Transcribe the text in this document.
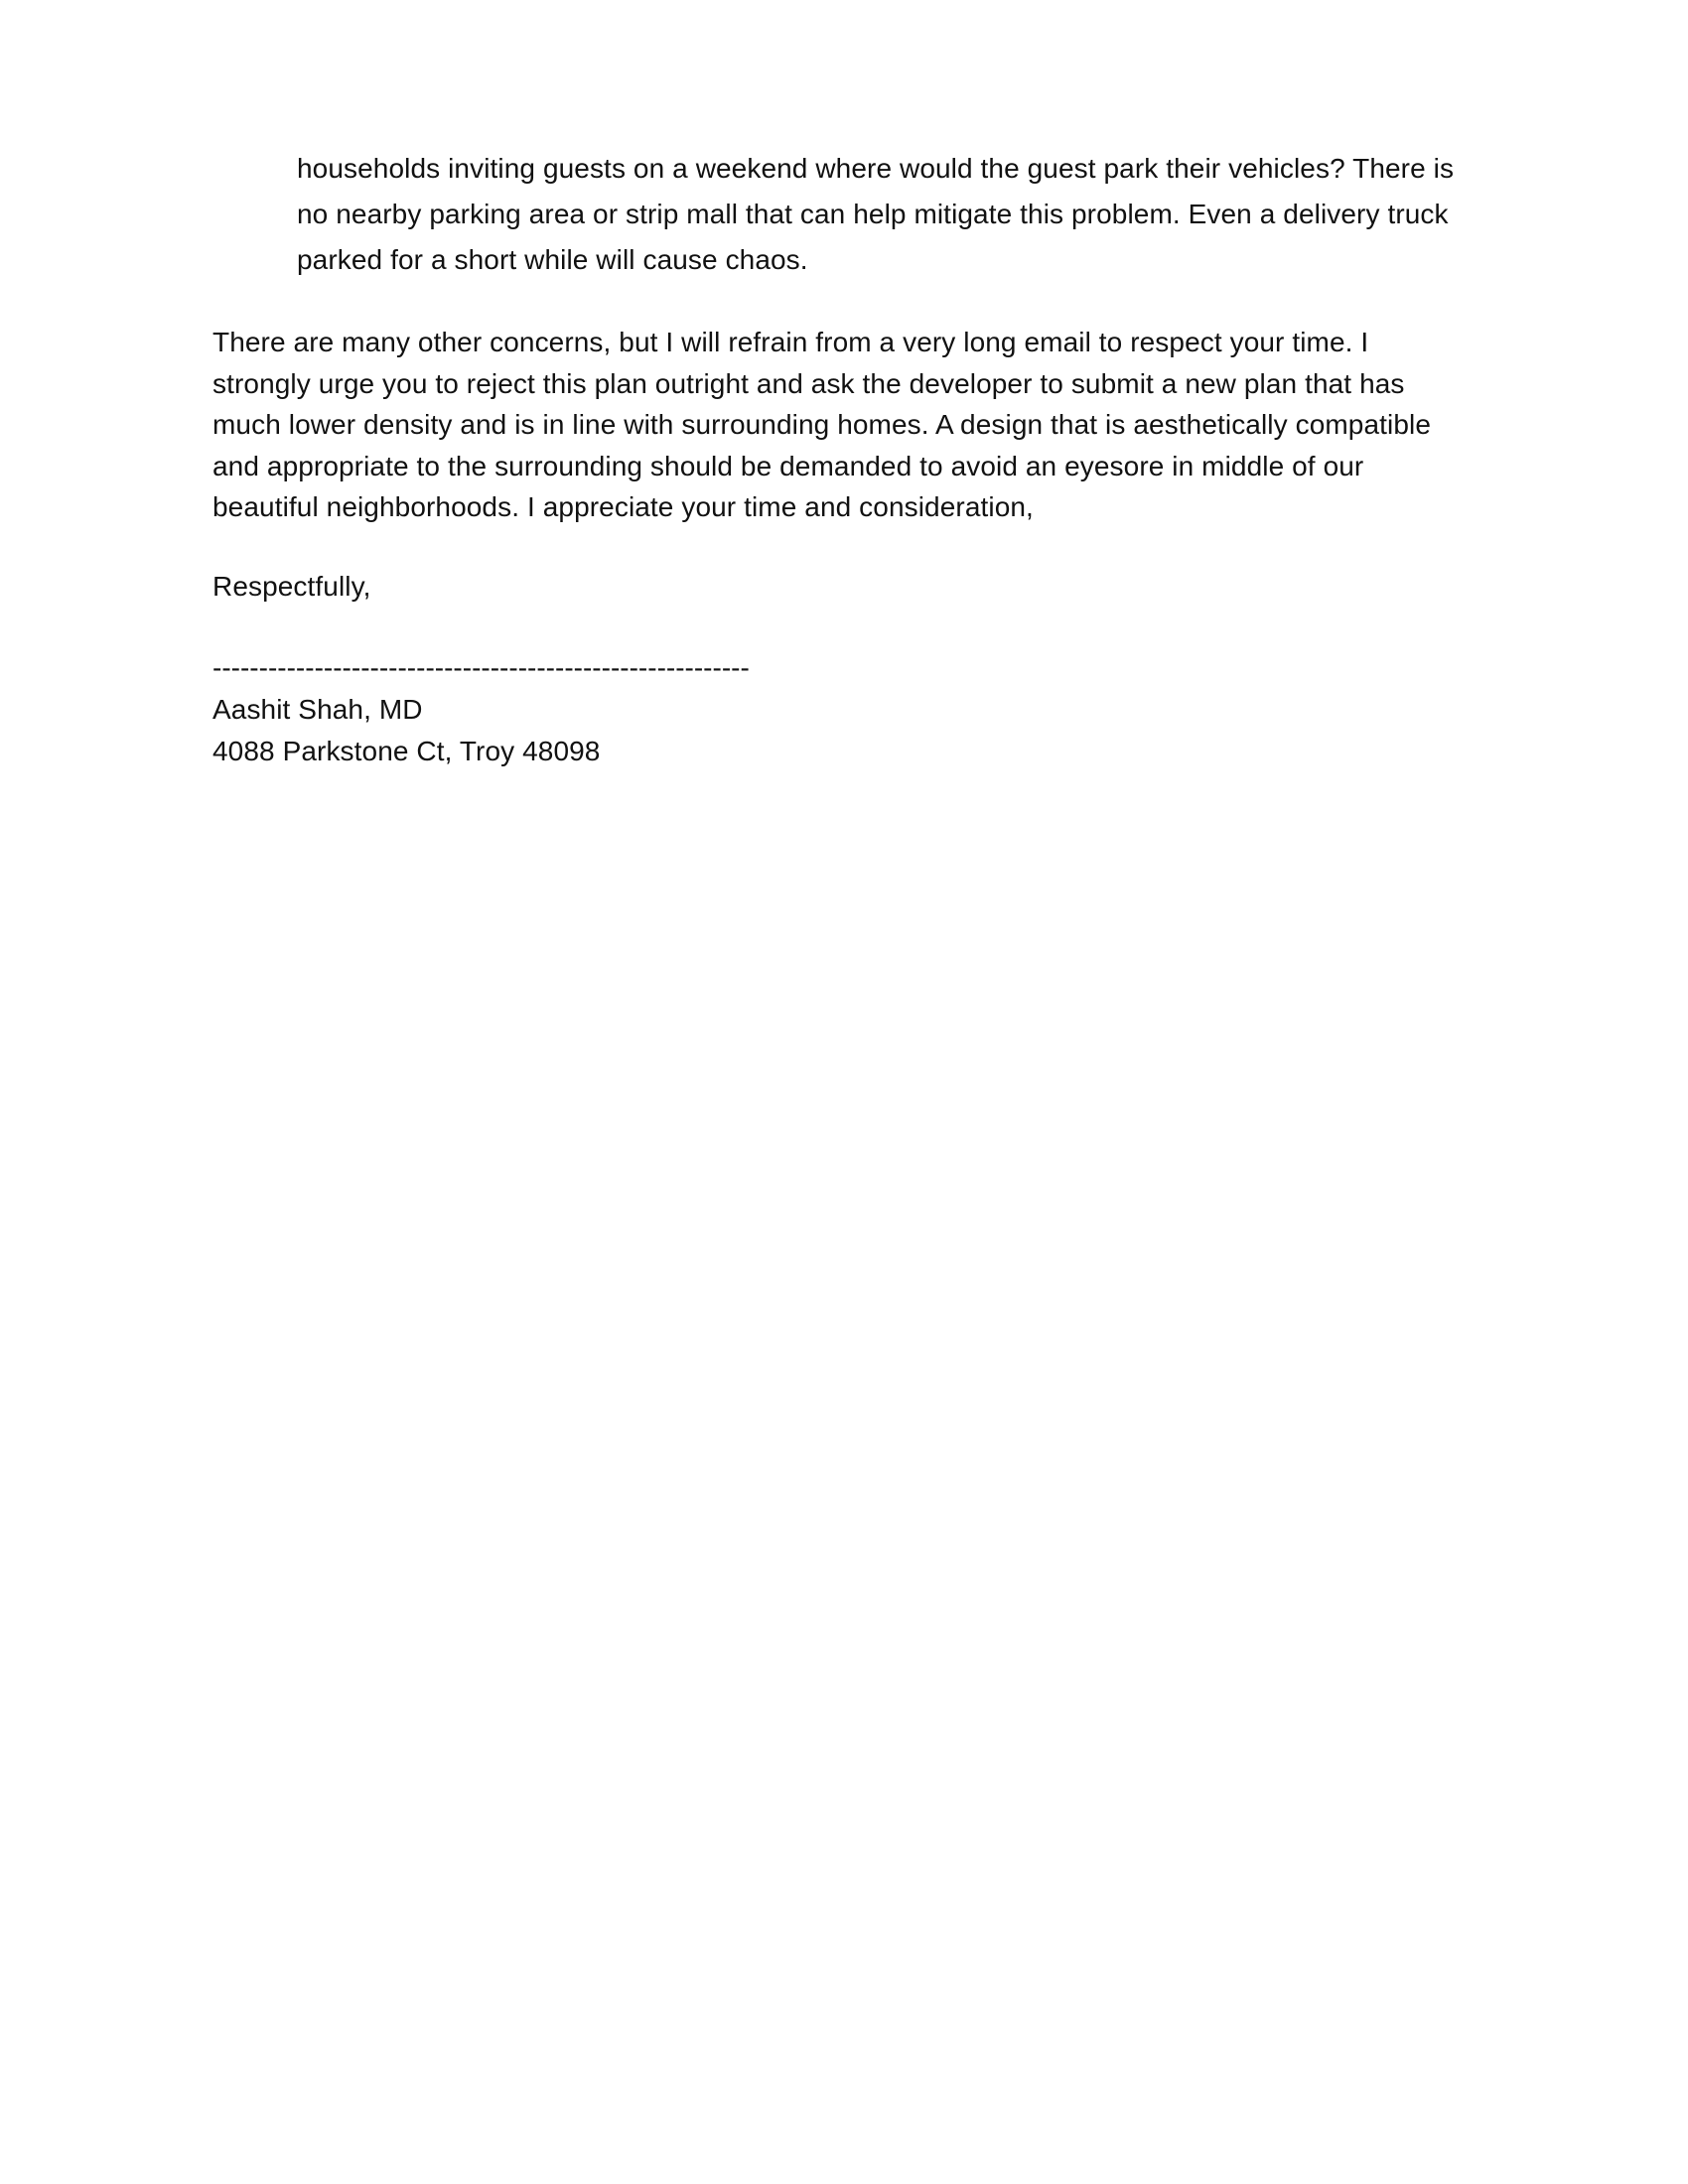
households inviting guests on a weekend where would the guest park their vehicles? There is
no nearby parking area or strip mall that can help mitigate this problem. Even a delivery truck
parked for a short while will cause chaos.
There are many other concerns, but I will refrain from a very long email to respect your time. I
strongly urge you to reject this plan outright and ask the developer to submit a new plan that has
much lower density and is in line with surrounding homes. A design that is aesthetically compatible
and appropriate to the surrounding should be demanded to avoid an eyesore in middle of our
beautiful neighborhoods. I appreciate your time and consideration,
Respectfully,
----------------------------------------------------------
Aashit Shah, MD
4088 Parkstone Ct, Troy 48098
